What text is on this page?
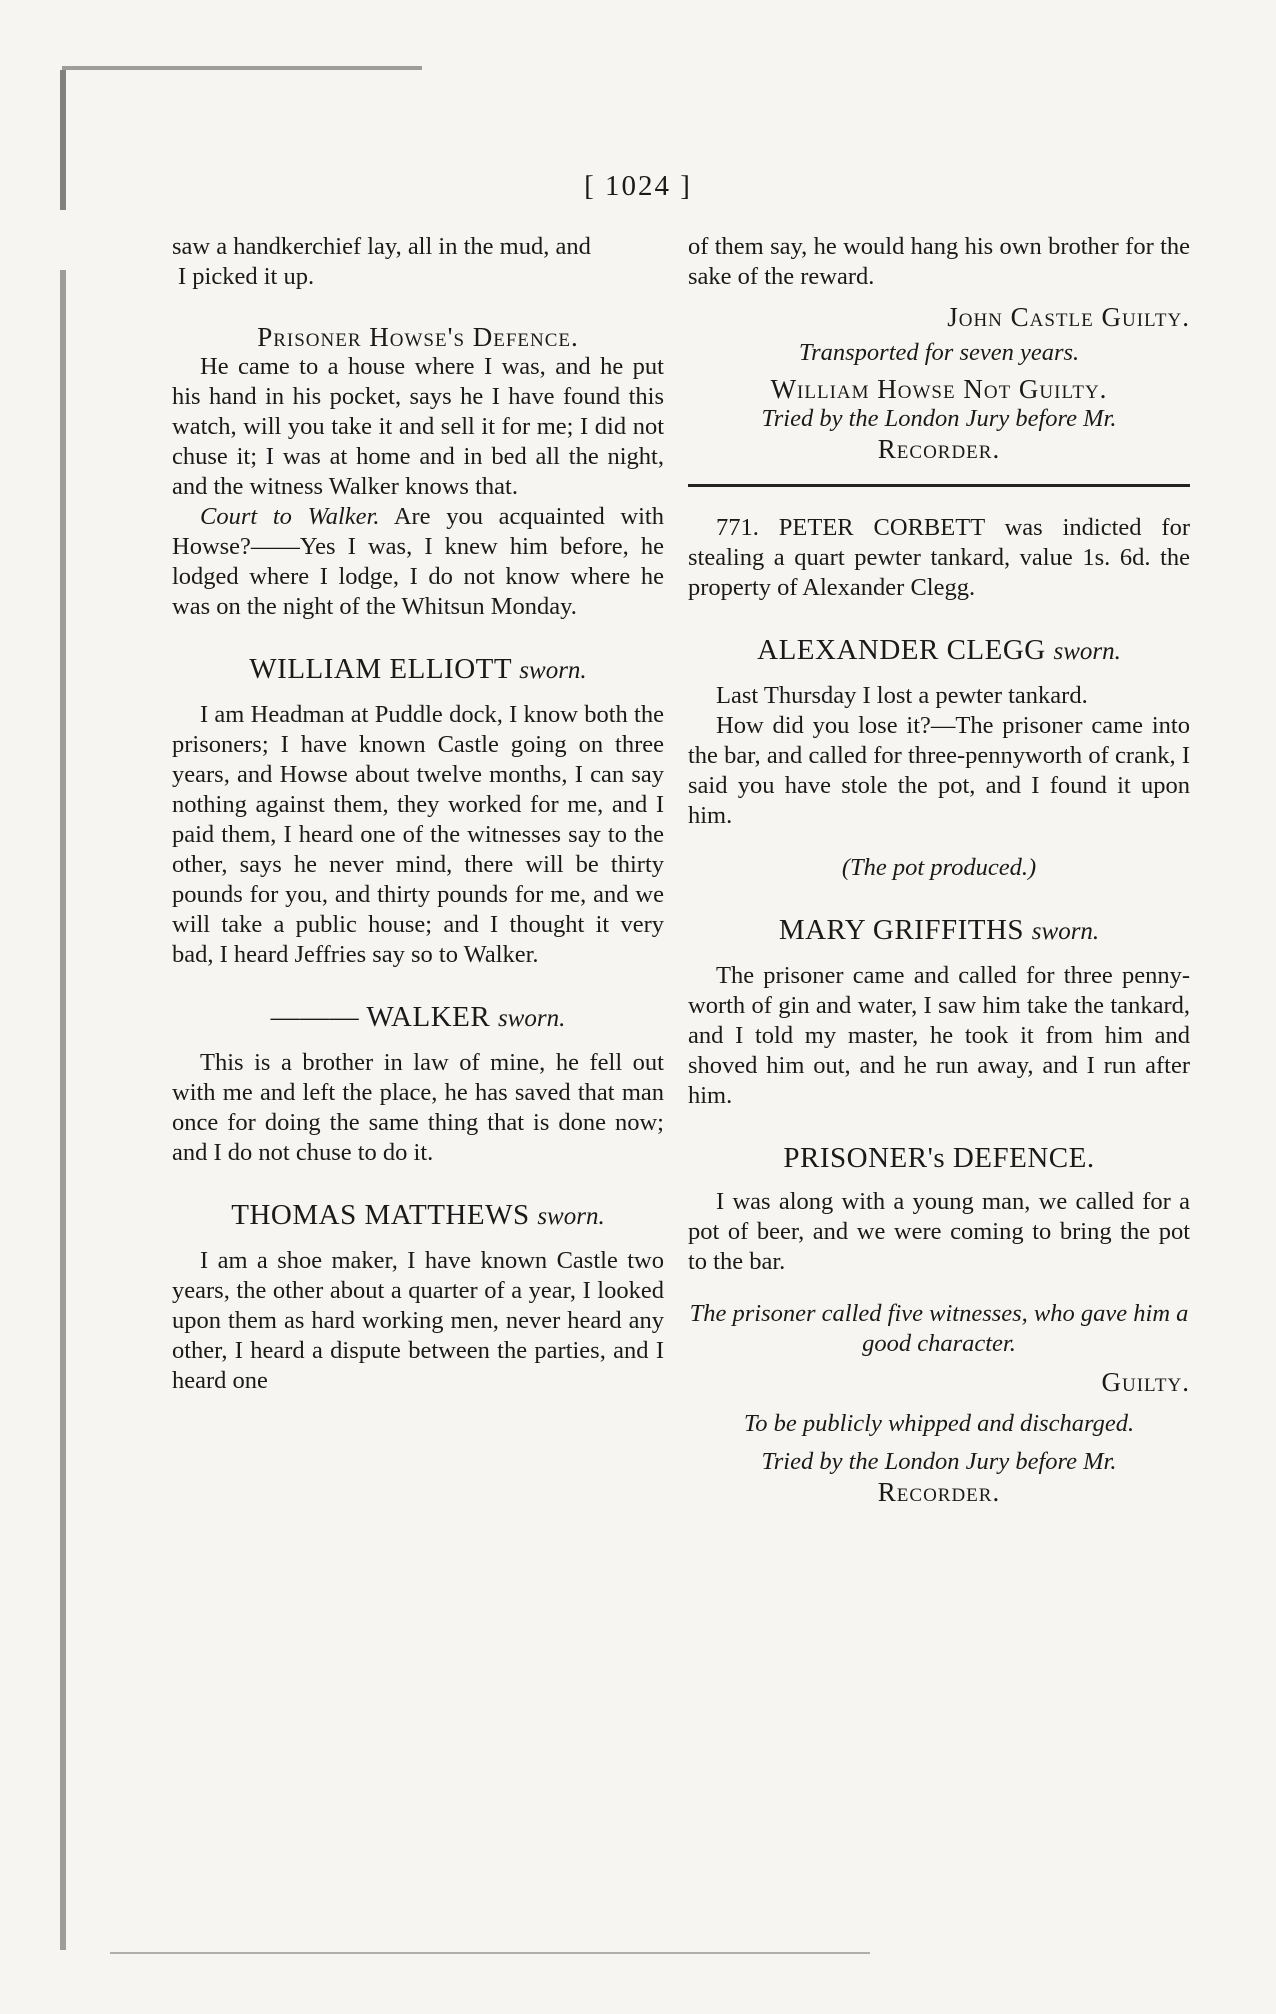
[ 1024 ]

saw a handkerchief lay, all in the mud, and

I picked it up.

Prisoner Howse's Defence.

He came to a house where I was, and he put his hand in his pocket, says he I have found this watch, will you take it and sell it for me; I did not chuse it; I was at home and in bed all the night, and the witness Walker knows that.

Court to Walker. Are you acquainted with Howse?——Yes I was, I knew him before, he lodged where I lodge, I do not know where he was on the night of the Whitsun Monday.

WILLIAM ELLIOTT sworn.

I am Headman at Puddle dock, I know both the prisoners; I have known Castle going on three years, and Howse about twelve months, I can say nothing against them, they worked for me, and I paid them, I heard one of the witnesses say to the other, says he never mind, there will be thirty pounds for you, and thirty pounds for me, and we will take a public house; and I thought it very bad, I heard Jeffries say so to Walker.

——— WALKER sworn.

This is a brother in law of mine, he fell out with me and left the place, he has saved that man once for doing the same thing that is done now; and I do not chuse to do it.

THOMAS MATTHEWS sworn.

I am a shoe maker, I have known Castle two years, the other about a quarter of a year, I looked upon them as hard working men, never heard any other, I heard a dispute between the parties, and I heard one

of them say, he would hang his own brother for the sake of the reward.

John Castle Guilty.
Transported for seven years.
William Howse Not Guilty.
Tried by the London Jury before Mr.
Recorder.

771. PETER CORBETT was indicted for stealing a quart pewter tankard, value 1s. 6d. the property of Alexander Clegg.

ALEXANDER CLEGG sworn.

Last Thursday I lost a pewter tankard.

How did you lose it?—The prisoner came into the bar, and called for three-pennyworth of crank, I said you have stole the pot, and I found it upon him.

(The pot produced.)
MARY GRIFFITHS sworn.

The prisoner came and called for three penny-worth of gin and water, I saw him take the tankard, and I told my master, he took it from him and shoved him out, and he run away, and I run after him.

PRISONER's DEFENCE.

I was along with a young man, we called for a pot of beer, and we were coming to bring the pot to the bar.

The prisoner called five witnesses, who gave him a good character.
Guilty.
To be publicly whipped and discharged.
Tried by the London Jury before Mr.
Recorder.
